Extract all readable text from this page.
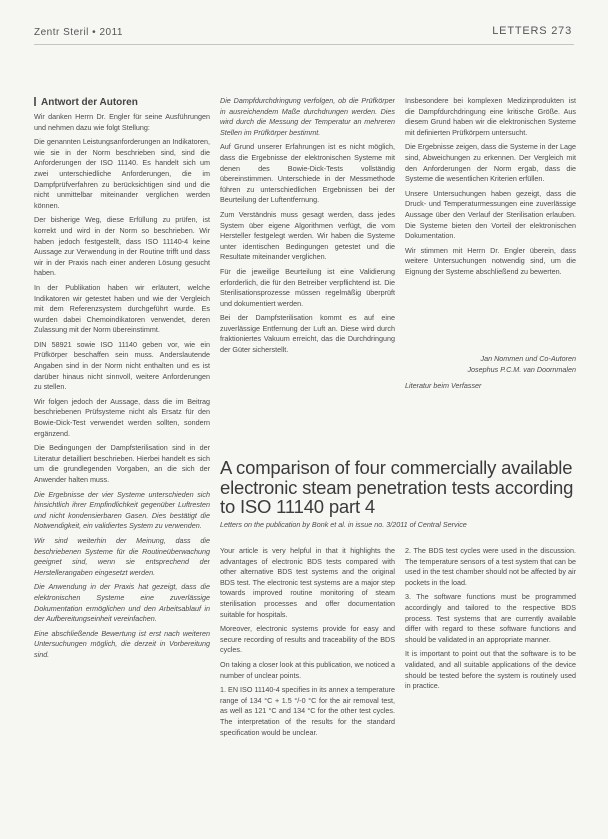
Zentr Steril • 2011	LETTERS 273
Antwort der Autoren

Wir danken Herrn Dr. Engler für seine Ausführungen und nehmen dazu wie folgt Stellung:

Die genannten Leistungsanforderungen an Indikatoren, wie sie in der Norm beschrieben sind, sind die Anforderungen der ISO 11140. Es handelt sich um zwei unterschiedliche Anforderungen, die im Dampfprüfverfahren zu berücksichtigen sind und die nicht unmittelbar miteinander verglichen werden können.

Der bisherige Weg, diese Erfüllung zu prüfen, ist korrekt und wird in der Norm so beschrieben. Wir haben jedoch festgestellt, dass ISO 11140-4 keine Aussage zur Verwendung in der Routine trifft und dass wir in der Praxis nach einer anderen Lösung gesucht haben.

In der Publikation haben wir erläutert, welche Indikatoren wir getestet haben und wie der Vergleich mit dem Referenzsystem durchgeführt wurde. Es wurden dabei Chemoindikatoren verwendet, deren Zulassung mit der Norm übereinstimmt.

DIN 58921 sowie ISO 11140 geben vor, wie ein Prüfkörper beschaffen sein muss. Anderslautende Angaben sind in der Norm nicht enthalten und es ist darüber hinaus nicht sinnvoll, weitere Anforderungen zu stellen.

Wir folgen jedoch der Aussage, dass die im Beitrag beschriebenen Prüfsysteme nicht als Ersatz für den Bowie-Dick-Test verwendet werden sollten, sondern ergänzend.

Die Bedingungen der Dampfsterilisation sind in der Literatur detailliert beschrieben. Hierbei handelt es sich um die grundlegenden Vorgaben, an die sich der Anwender halten muss.

Die Ergebnisse der vier Systeme unterschieden sich hinsichtlich ihrer Empfindlichkeit gegenüber Luftresten und nicht kondensierbaren Gasen. Dies bestätigt die Notwendigkeit, ein validiertes System zu verwenden.

Wir sind weiterhin der Meinung, dass die beschriebenen Systeme für die Routineüberwachung geeignet sind, wenn sie entsprechend der Herstellerangaben eingesetzt werden.

Die Anwendung in der Praxis hat gezeigt, dass die elektronischen Systeme eine zuverlässige Dokumentation ermöglichen und den Arbeitsablauf in der Aufbereitungseinheit vereinfachen.

Eine abschließende Bewertung ist erst nach weiteren Untersuchungen möglich, die derzeit in Vorbereitung sind.

Die Dampfdurchdringung verfolgen, ob die Prüfkörper in ausreichendem Maße durchdrungen werden. Dies wird durch die Messung der Temperatur an mehreren Stellen im Prüfkörper bestimmt.

Auf Grund unserer Erfahrungen ist es nicht möglich, dass die Ergebnisse der elektronischen Systeme mit denen des Bowie-Dick-Tests vollständig übereinstimmen. Unterschiede in der Messmethode führen zu unterschiedlichen Ergebnissen bei der Beurteilung der Luftentfernung.

Zum Verständnis muss gesagt werden, dass jedes System über eigene Algorithmen verfügt, die vom Hersteller festgelegt werden. Wir haben die Systeme unter identischen Bedingungen getestet und die Resultate miteinander verglichen.

Für die jeweilige Beurteilung ist eine Validierung erforderlich, die für den Betreiber verpflichtend ist. Die Sterilisationsprozesse müssen regelmäßig überprüft und dokumentiert werden.

Bei der Dampfsterilisation kommt es auf eine zuverlässige Entfernung der Luft an. Diese wird durch fraktioniertes Vakuum erreicht, das die Durchdringung der Güter sicherstellt.

Insbesondere bei komplexen Medizinprodukten ist die Dampfdurchdringung eine kritische Größe. Aus diesem Grund haben wir die elektronischen Systeme mit definierten Prüfkörpern untersucht.

Die Ergebnisse zeigen, dass die Systeme in der Lage sind, Abweichungen zu erkennen. Der Vergleich mit den Anforderungen der Norm ergab, dass die Systeme die wesentlichen Kriterien erfüllen.

Unsere Untersuchungen haben gezeigt, dass die Druck- und Temperaturmessungen eine zuverlässige Aussage über den Verlauf der Sterilisation erlauben. Die Systeme bieten den Vorteil der elektronischen Dokumentation.

Wir stimmen mit Herrn Dr. Engler überein, dass weitere Untersuchungen notwendig sind, um die Eignung der Systeme abschließend zu bewerten.

Jan Nommen und Co-Autoren
Josephus P.C.M. van Doornmalen
Literatur beim Verfasser
A comparison of four commercially available electronic steam penetration tests according to ISO 11140 part 4
Letters on the publication by Bonk et al. in issue no. 3/2011 of Central Service

Your article is very helpful in that it highlights the advantages of electronic BDS tests compared with other alternative BDS test systems and the original BDS test. The electronic test systems are a major step towards improved routine monitoring of steam sterilisation processes and offer documentation suitable for hospitals.

Moreover, electronic systems provide for easy and secure recording of results and traceability of the BDS cycles.

On taking a closer look at this publication, we noticed a number of unclear points.

1. EN ISO 11140-4 specifies in its annex a temperature range of 134 °C + 1.5 °/-0 °C for the air removal test, as well as 121 °C and 134 °C for the other test cycles. The interpretation of the results for the standard specification would be unclear.

2. The BDS test cycles were used in the discussion. The temperature sensors of a test system that can be used in the test chamber should not be affected by air pockets in the load.

3. The software functions must be programmed accordingly and tailored to the respective BDS process. Test systems that are currently available differ with regard to these software functions and should be validated in an appropriate manner.

It is important to point out that the software is to be validated, and all suitable applications of the device should be tested before the system is routinely used in practice.
